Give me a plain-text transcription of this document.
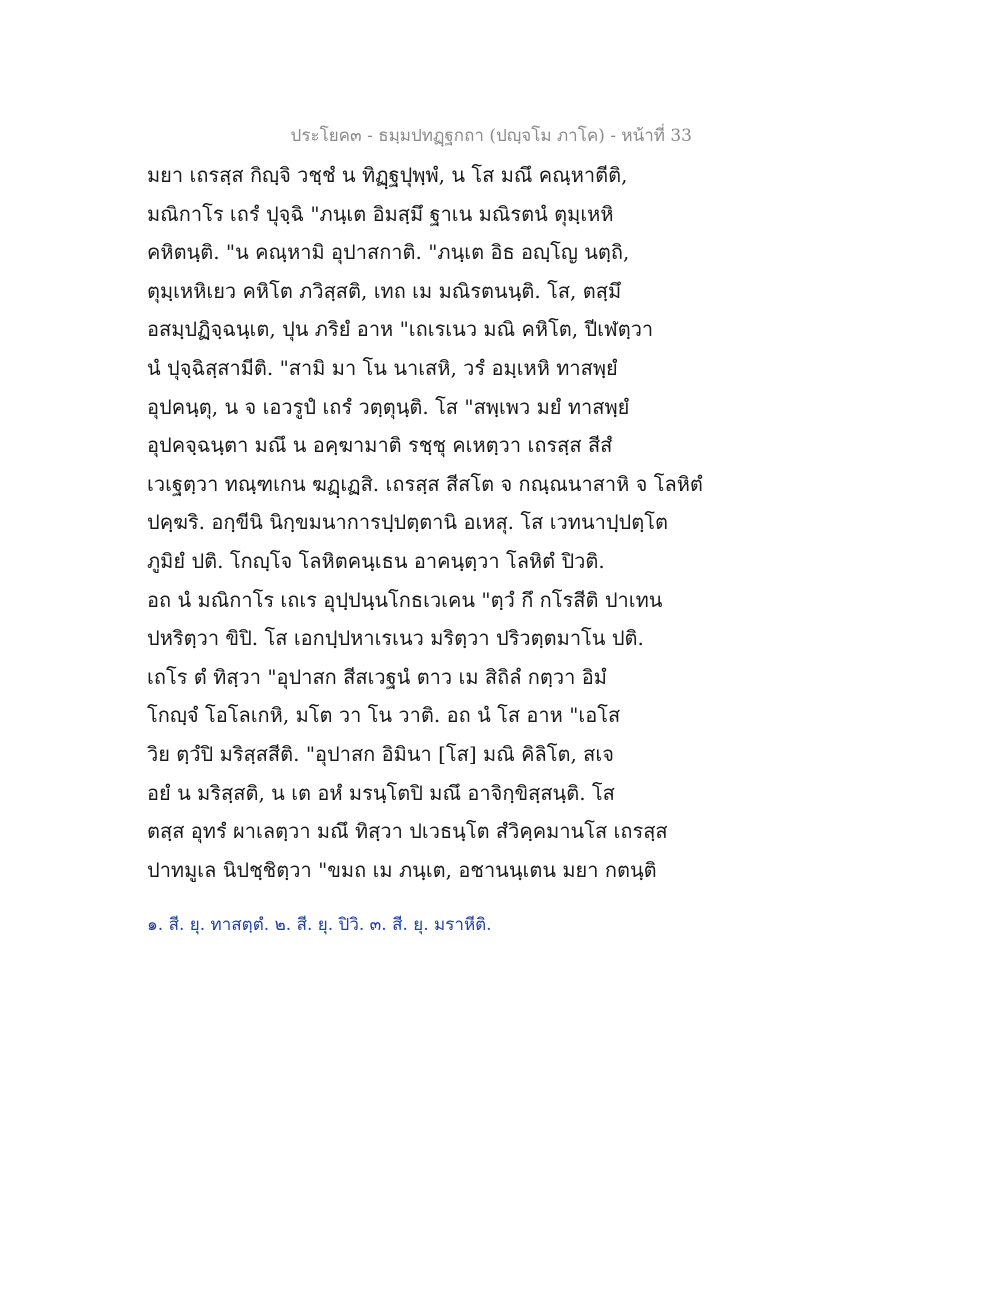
ประโยค๓ - ธมฺมปทฏฺฐกถา (ปญฺจโม ภาโค) - หน้าที่ 33
มยา เถรสฺส กิญฺจิ วชฺชํ น ทิฏฺฐปุพฺพํ, น โส มณึ คณฺหาตีติ,
มณิกาโร เถรํ ปุจฺฉิ "ภนฺเต อิมสฺมึ ฐาเน มณิรตนํ ตุมฺเหหิ
คหิตนฺติ. "น คณฺหามิ อุปาสกาติ. "ภนฺเต อิธ อญฺโญ นตฺถิ,
ตุมฺเหหิเยว คหิโต ภวิสฺสติ, เทถ เม มณิรตนนฺติ. โส, ตสฺมึ
อสมฺปฏิจฺฉนฺเต, ปุน ภริยํ อาห "เถเรเนว มณิ คหิโต, ปีเฬตฺวา
นํ ปุจฺฉิสฺสามีติ. "สามิ มา โน นาเสหิ, วรํ อมฺเหหิ ทาสพฺยํ
อุปคนฺตุ, น จ เอวรูปํ เถรํ วตฺตุนฺติ. โส "สพฺเพว มยํ ทาสพฺยํ
อุปคจฺฉนฺตา มณึ น อคฺฆามาติ รชฺชุ คเหตฺวา เถรสฺส สีสํ
เวเฐตฺวา ทณฺฑเกน ฆฏฺเฏสิ. เถรสฺส สีสโต จ กณฺณนาสาหิ จ โลหิตํ
ปคฺฆริ. อกฺขีนิ นิกฺขมนาการปฺปตฺตานิ อเหสุ. โส เวทนาปฺปตฺโต
ภูมิยํ ปติ. โกญฺโจ โลหิตคนฺเธน อาคนฺตฺวา โลหิตํ ปิวติ.
อถ นํ มณิกาโร เถเร อุปฺปนฺนโกธเวเคน "ตฺวํ กึ กโรสีติ ปาเทน
ปหริตฺวา ขิปิ. โส เอกปฺปหาเรเนว มริตฺวา ปริวตฺตมาโน ปติ.
เถโร ตํ ทิสฺวา "อุปาสก สีสเวฐนํ ตาว เม สิถิลํ กตฺวา อิมํ
โกญฺจํ โอโลเกหิ, มโต วา โน วาติ. อถ นํ โส อาห "เอโส
วิย ตฺวํปิ มริสฺสสีติ. "อุปาสก อิมินา [โส] มณิ คิลิโต, สเจ
อยํ น มริสฺสติ, น เต อหํ มรนฺโตปิ มณึ อาจิกฺขิสฺสนฺติ. โส
ตสฺส อุทรํ ผาเลตฺวา มณึ ทิสฺวา ปเวธนฺโต สํวิคฺคมานโส เถรสฺส
ปาทมูเล นิปชฺชิตฺวา "ขมถ เม ภนฺเต, อชานนฺเตน มยา กตนฺติ
๑. สี. ยุ. ทาสตฺตํ. ๒. สี. ยุ. ปิวิ. ๓. สี. ยุ. มราหีติ.
